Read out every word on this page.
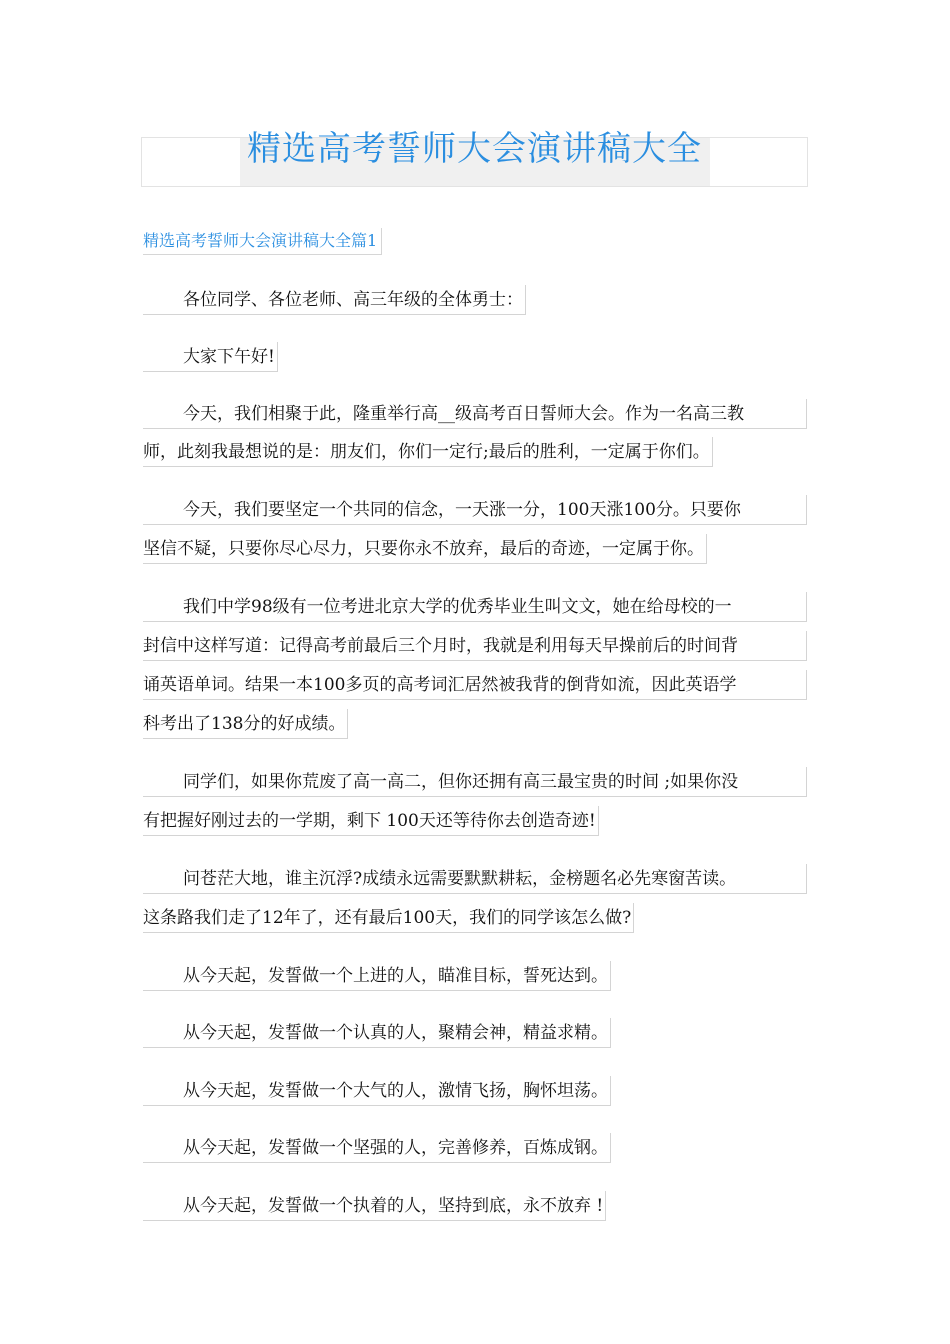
精选高考誓师大会演讲稿大全
精选高考誓师大会演讲稿大全篇1
各位同学、各位老师、高三年级的全体勇士：
大家下午好!
今天，我们相聚于此，隆重举行高__级高考百日誓师大会。作为一名高三教
师，此刻我最想说的是：朋友们，你们一定行;最后的胜利，一定属于你们。
今天，我们要坚定一个共同的信念，一天涨一分，100天涨100分。只要你
坚信不疑，只要你尽心尽力，只要你永不放弃，最后的奇迹，一定属于你。
我们中学98级有一位考进北京大学的优秀毕业生叫文文，她在给母校的一
封信中这样写道：记得高考前最后三个月时，我就是利用每天早操前后的时间背
诵英语单词。结果一本100多页的高考词汇居然被我背的倒背如流，因此英语学
科考出了138分的好成绩。
同学们，如果你荒废了高一高二，但你还拥有高三最宝贵的时间 ;如果你没
有把握好刚过去的一学期，剩下 100天还等待你去创造奇迹!
问苍茫大地，谁主沉浮?成绩永远需要默默耕耘，金榜题名必先寒窗苦读。
这条路我们走了12年了，还有最后100天，我们的同学该怎么做?
从今天起，发誓做一个上进的人，瞄准目标，誓死达到。
从今天起，发誓做一个认真的人，聚精会神，精益求精。
从今天起，发誓做一个大气的人，激情飞扬，胸怀坦荡。
从今天起，发誓做一个坚强的人，完善修养，百炼成钢。
从今天起，发誓做一个执着的人，坚持到底，永不放弃 !
